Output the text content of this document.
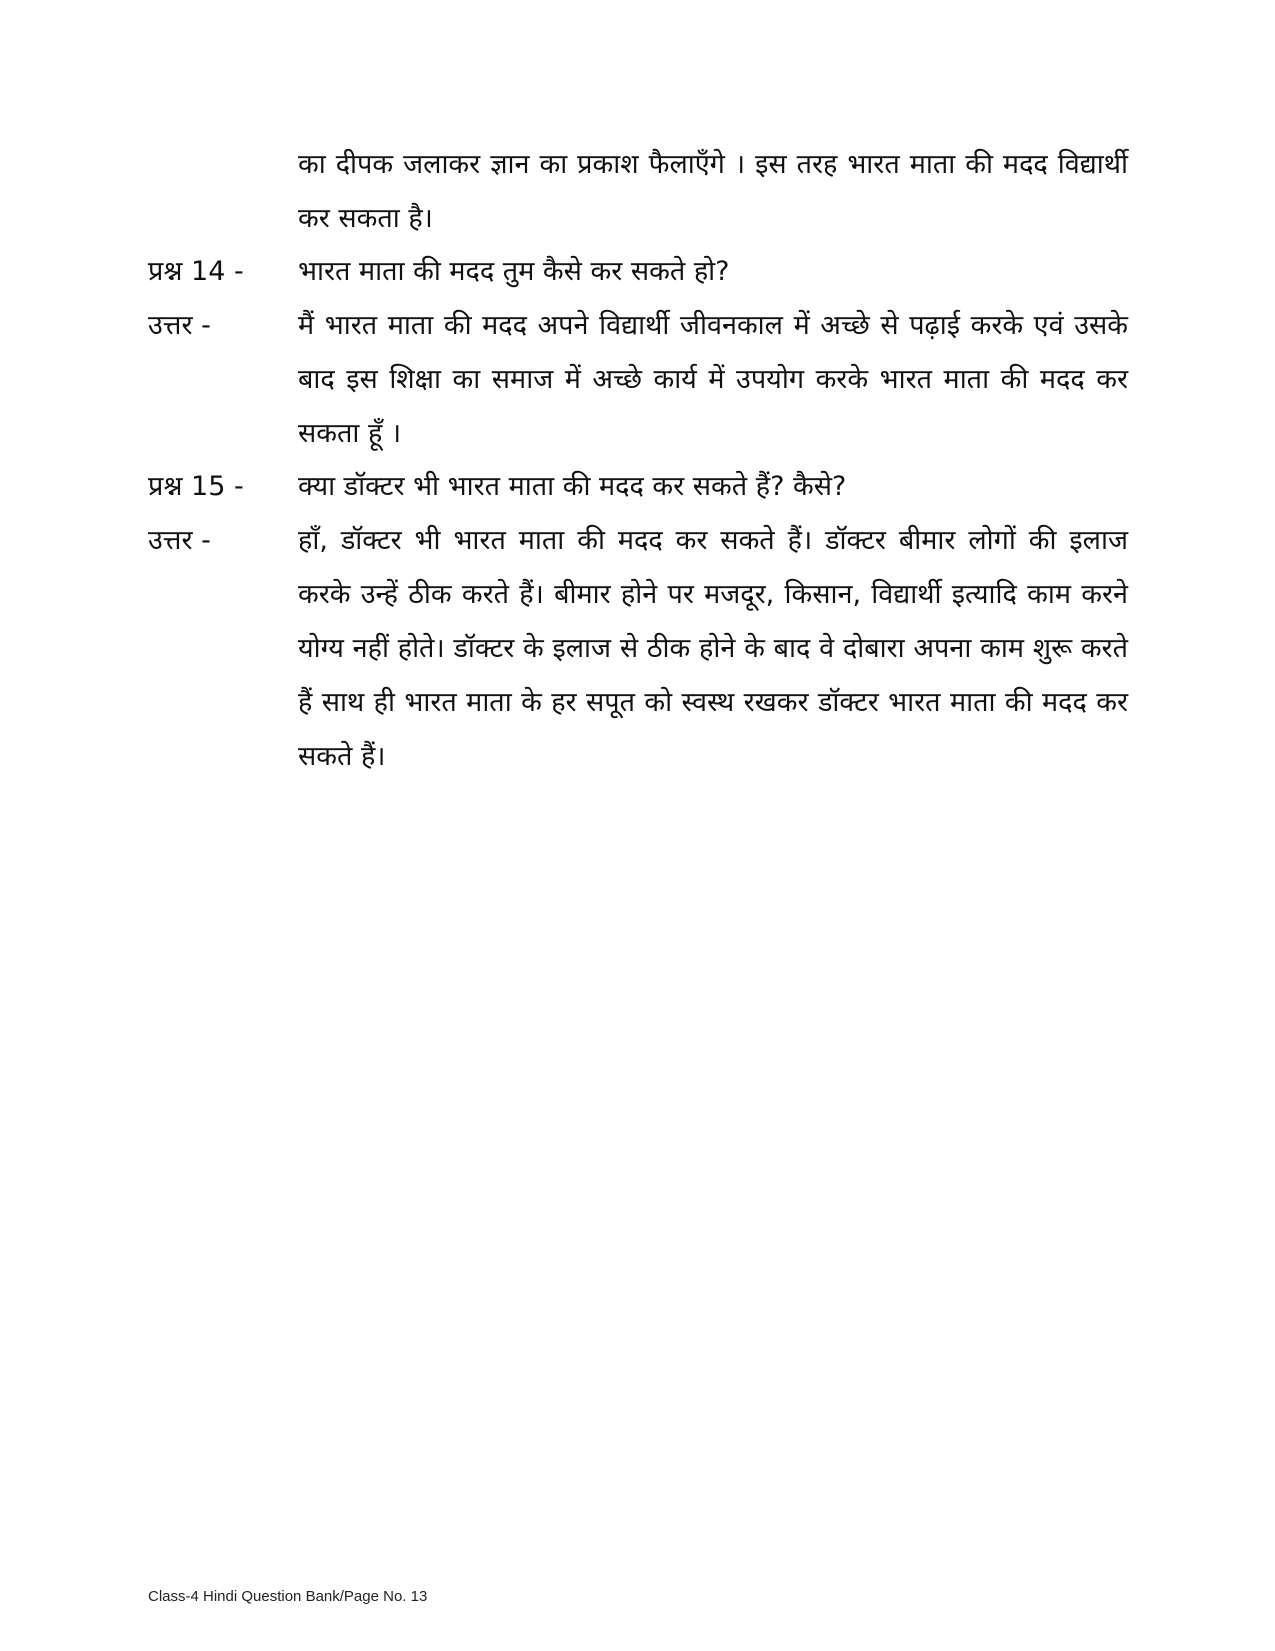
का दीपक जलाकर ज्ञान का प्रकाश फैलाएँगे । इस तरह भारत माता की मदद विद्यार्थी कर सकता है।

प्रश्न 14 -	भारत माता की मदद तुम कैसे कर सकते हो?

उत्तर -	मैं भारत माता की मदद अपने विद्यार्थी जीवनकाल में अच्छे से पढ़ाई करके एवं उसके बाद इस शिक्षा का समाज में अच्छे कार्य में उपयोग करके भारत माता की मदद कर सकता हूँ ।

प्रश्न 15 -	क्या डॉक्टर भी भारत माता की मदद कर सकते हैं? कैसे?

उत्तर -	हाँ, डॉक्टर भी भारत माता की मदद कर सकते हैं। डॉक्टर बीमार लोगों की इलाज करके उन्हें ठीक करते हैं। बीमार होने पर मजदूर, किसान, विद्यार्थी इत्यादि काम करने योग्य नहीं होते। डॉक्टर के इलाज से ठीक होने के बाद वे दोबारा अपना काम शुरू करते हैं साथ ही भारत माता के हर सपूत को स्वस्थ रखकर डॉक्टर भारत माता की मदद कर सकते हैं।

Class-4 Hindi Question Bank/Page No. 13
